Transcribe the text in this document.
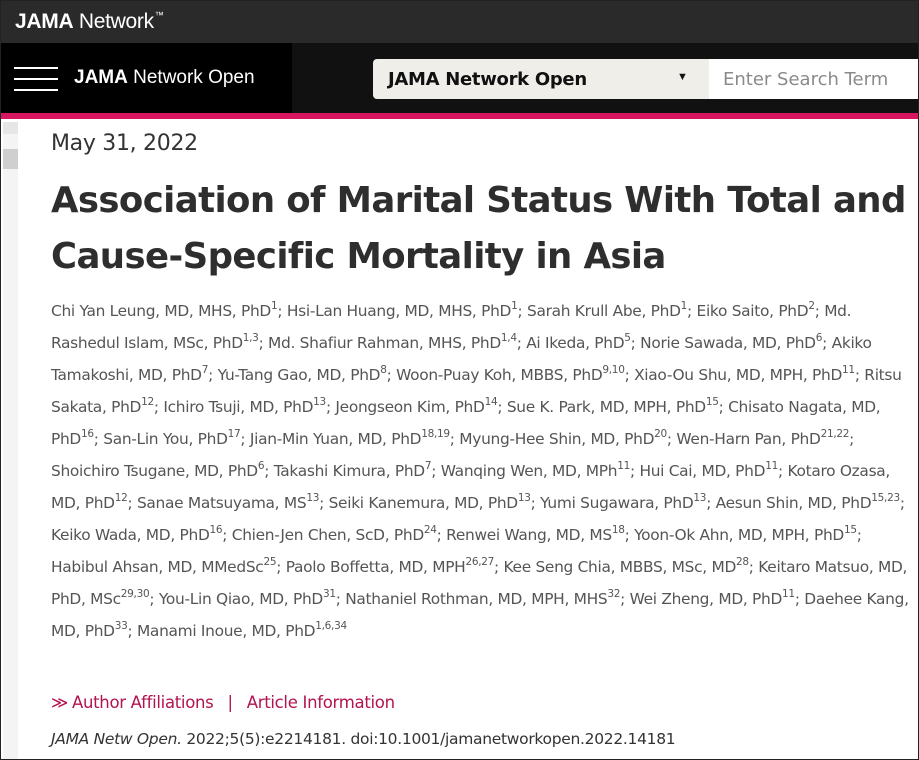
JAMA Network™
JAMA Network Open	JAMA Network Open	▼
Enter Search Term
May 31, 2022
Association of Marital Status With Total and Cause-Specific Mortality in Asia
Chi Yan Leung, MD, MHS, PhD$^1$; Hsi-Lan Huang, MD, MHS, PhD$^1$; Sarah Krull Abe, PhD$^1$; Eiko Saito, PhD$^2$; Md. Rashedul Islam, MSc, PhD$^{1,3}$; Md. Shafiur Rahman, MHS, PhD$^{1,4}$; Ai Ikeda, PhD$^5$; Norie Sawada, MD, PhD$^6$; Akiko Tamakoshi, MD, PhD$^7$; Yu-Tang Gao, MD, PhD$^8$; Woon-Puay Koh, MBBS, PhD$^{9,10}$; Xiao-Ou Shu, MD, MPH, PhD$^{11}$; Ritsu Sakata, PhD$^{12}$; Ichiro Tsuji, MD, PhD$^{13}$; Jeongseon Kim, PhD$^{14}$; Sue K. Park, MD, MPH, PhD$^{15}$; Chisato Nagata, MD, PhD$^{16}$; San-Lin You, PhD$^{17}$; Jian-Min Yuan, MD, PhD$^{18,19}$; Myung-Hee Shin, MD, PhD$^{20}$; Wen-Harn Pan, PhD$^{21,22}$; Shoichiro Tsugane, MD, PhD$^6$; Takashi Kimura, PhD$^7$; Wanqing Wen, MD, MPh$^{11}$; Hui Cai, MD, PhD$^{11}$; Kotaro Ozasa, MD, PhD$^{12}$; Sanae Matsuyama, MS$^{13}$; Seiki Kanemura, MD, PhD$^{13}$; Yumi Sugawara, PhD$^{13}$; Aesun Shin, MD, PhD$^{15,23}$; Keiko Wada, MD, PhD$^{16}$; Chien-Jen Chen, ScD, PhD$^{24}$; Renwei Wang, MD, MS$^{18}$; Yoon-Ok Ahn, MD, MPH, PhD$^{15}$; Habibul Ahsan, MD, MMedSc$^{25}$; Paolo Boffetta, MD, MPH$^{26,27}$; Kee Seng Chia, MBBS, MSc, MD$^{28}$; Keitaro Matsuo, MD, PhD, MSc$^{29,30}$; You-Lin Qiao, MD, PhD$^{31}$; Nathaniel Rothman, MD, MPH, MHS$^{32}$; Wei Zheng, MD, PhD$^{11}$; Daehee Kang, MD, PhD$^{33}$; Manami Inoue, MD, PhD$^{1,6,34}$
≫ Author Affiliations | Article Information
JAMA Netw Open. 2022;5(5):e2214181. doi:10.1001/jamanetworkopen.2022.14181
